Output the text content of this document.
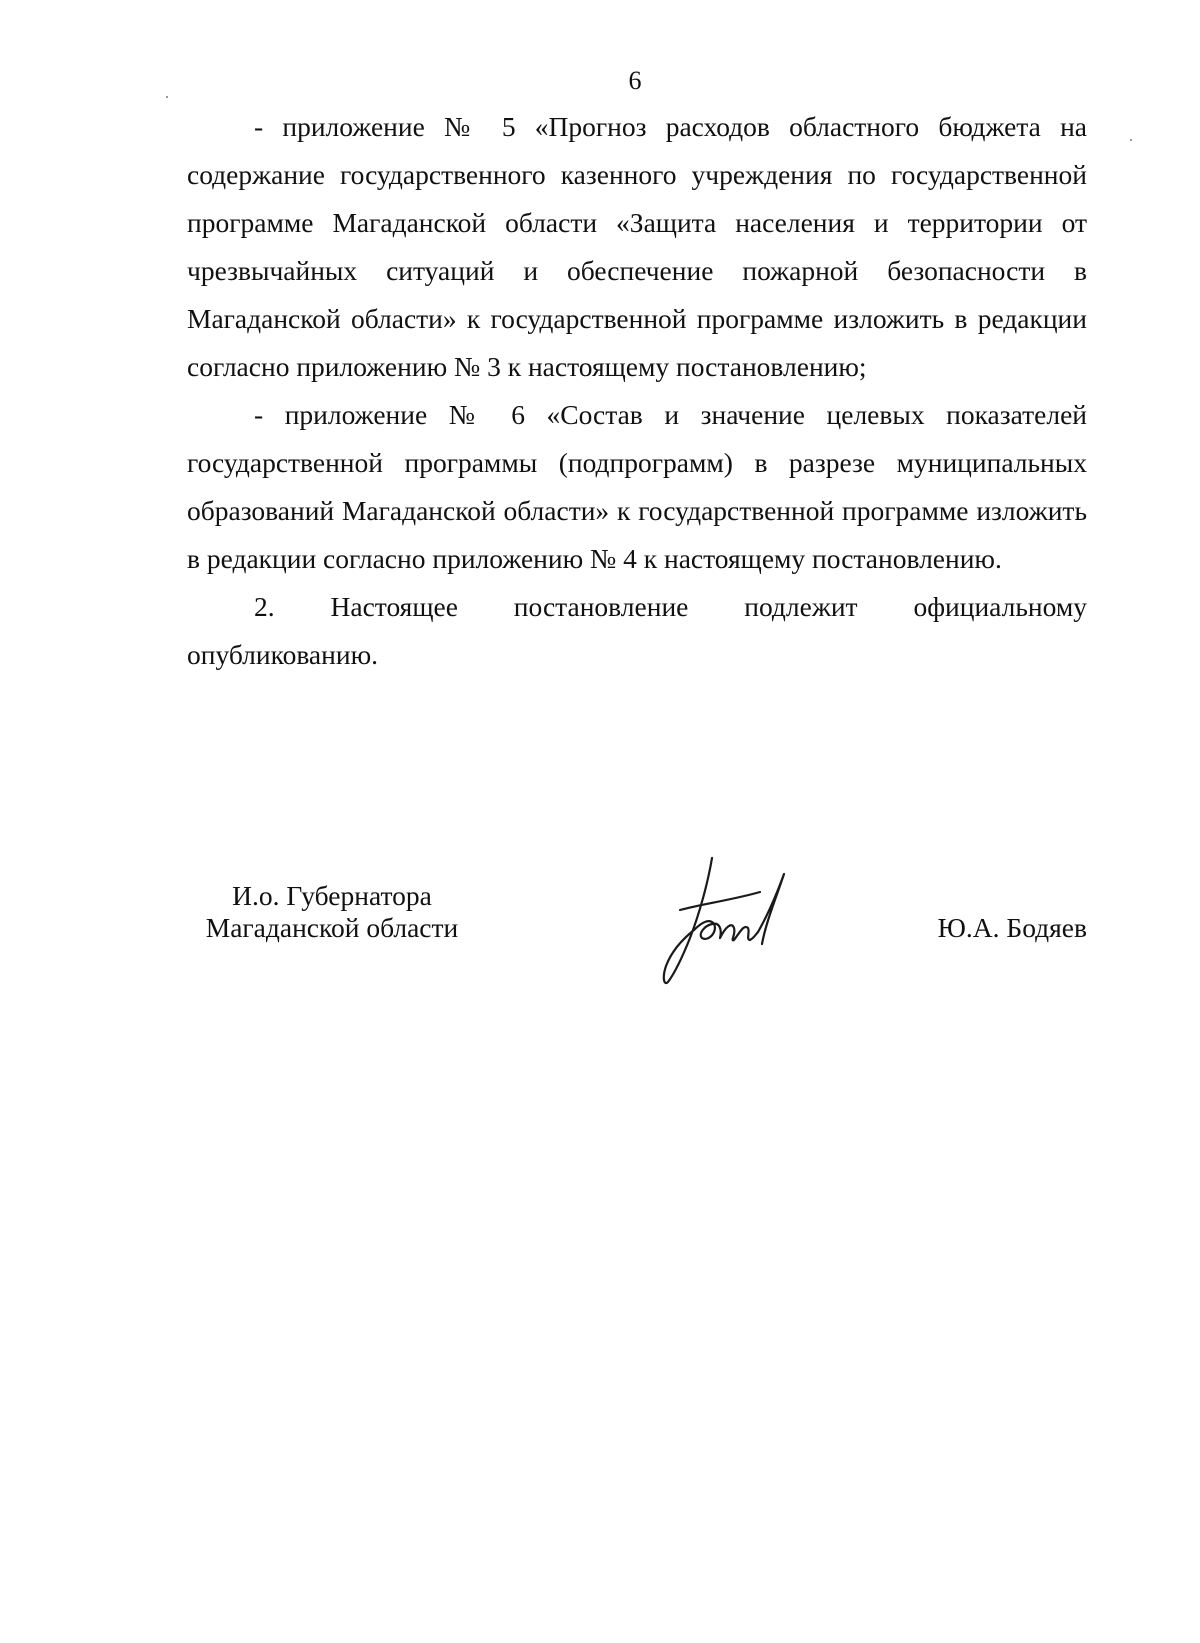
6

- приложение № 5 «Прогноз расходов областного бюджета на содержание государственного казенного учреждения по государственной программе Магаданской области «Защита населения и территории от чрезвычайных ситуаций и обеспечение пожарной безопасности в Магаданской области» к государственной программе изложить в редакции согласно приложению № 3 к настоящему постановлению;

- приложение № 6 «Состав и значение целевых показателей государственной программы (подпрограмм) в разрезе муниципальных образований Магаданской области» к государственной программе изложить в редакции согласно приложению № 4 к настоящему постановлению.

2. Настоящее постановление подлежит официальному опубликованию.

И.о. Губернатора
Магаданской области	Ю.А. Бодяев
